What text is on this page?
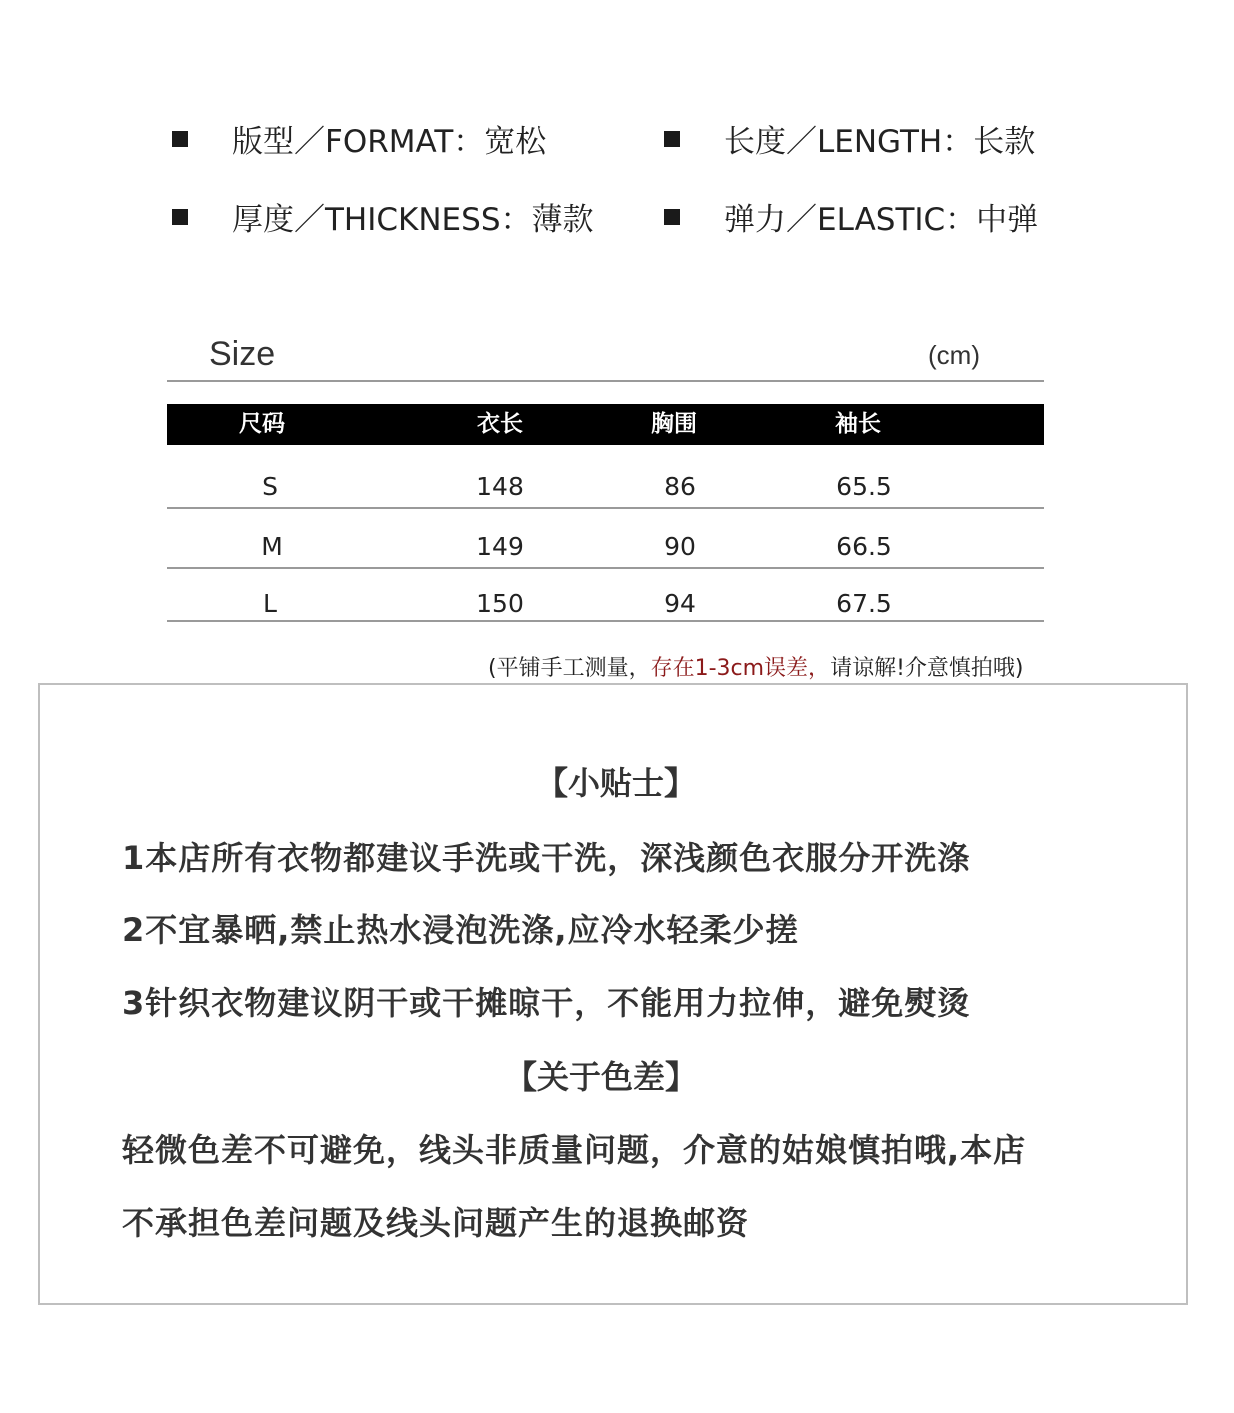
版型／FORMAT：宽松	长度／LENGTH：长款
厚度／THICKNESS：薄款	弹力／ELASTIC：中弹
Size	(cm)
尺码	衣长	胸围	袖长
S	148	86	65.5
M	149	90	66.5
L	150	94	67.5
(平铺手工测量，存在1-3cm误差，请谅解!介意慎拍哦)
【小贴士】
1本店所有衣物都建议手洗或干洗，深浅颜色衣服分开洗涤
2不宜暴晒,禁止热水浸泡洗涤,应冷水轻柔少搓
3针织衣物建议阴干或干摊晾干，不能用力拉伸，避免熨烫
【关于色差】
轻微色差不可避免，线头非质量问题，介意的姑娘慎拍哦,本店
不承担色差问题及线头问题产生的退换邮资
